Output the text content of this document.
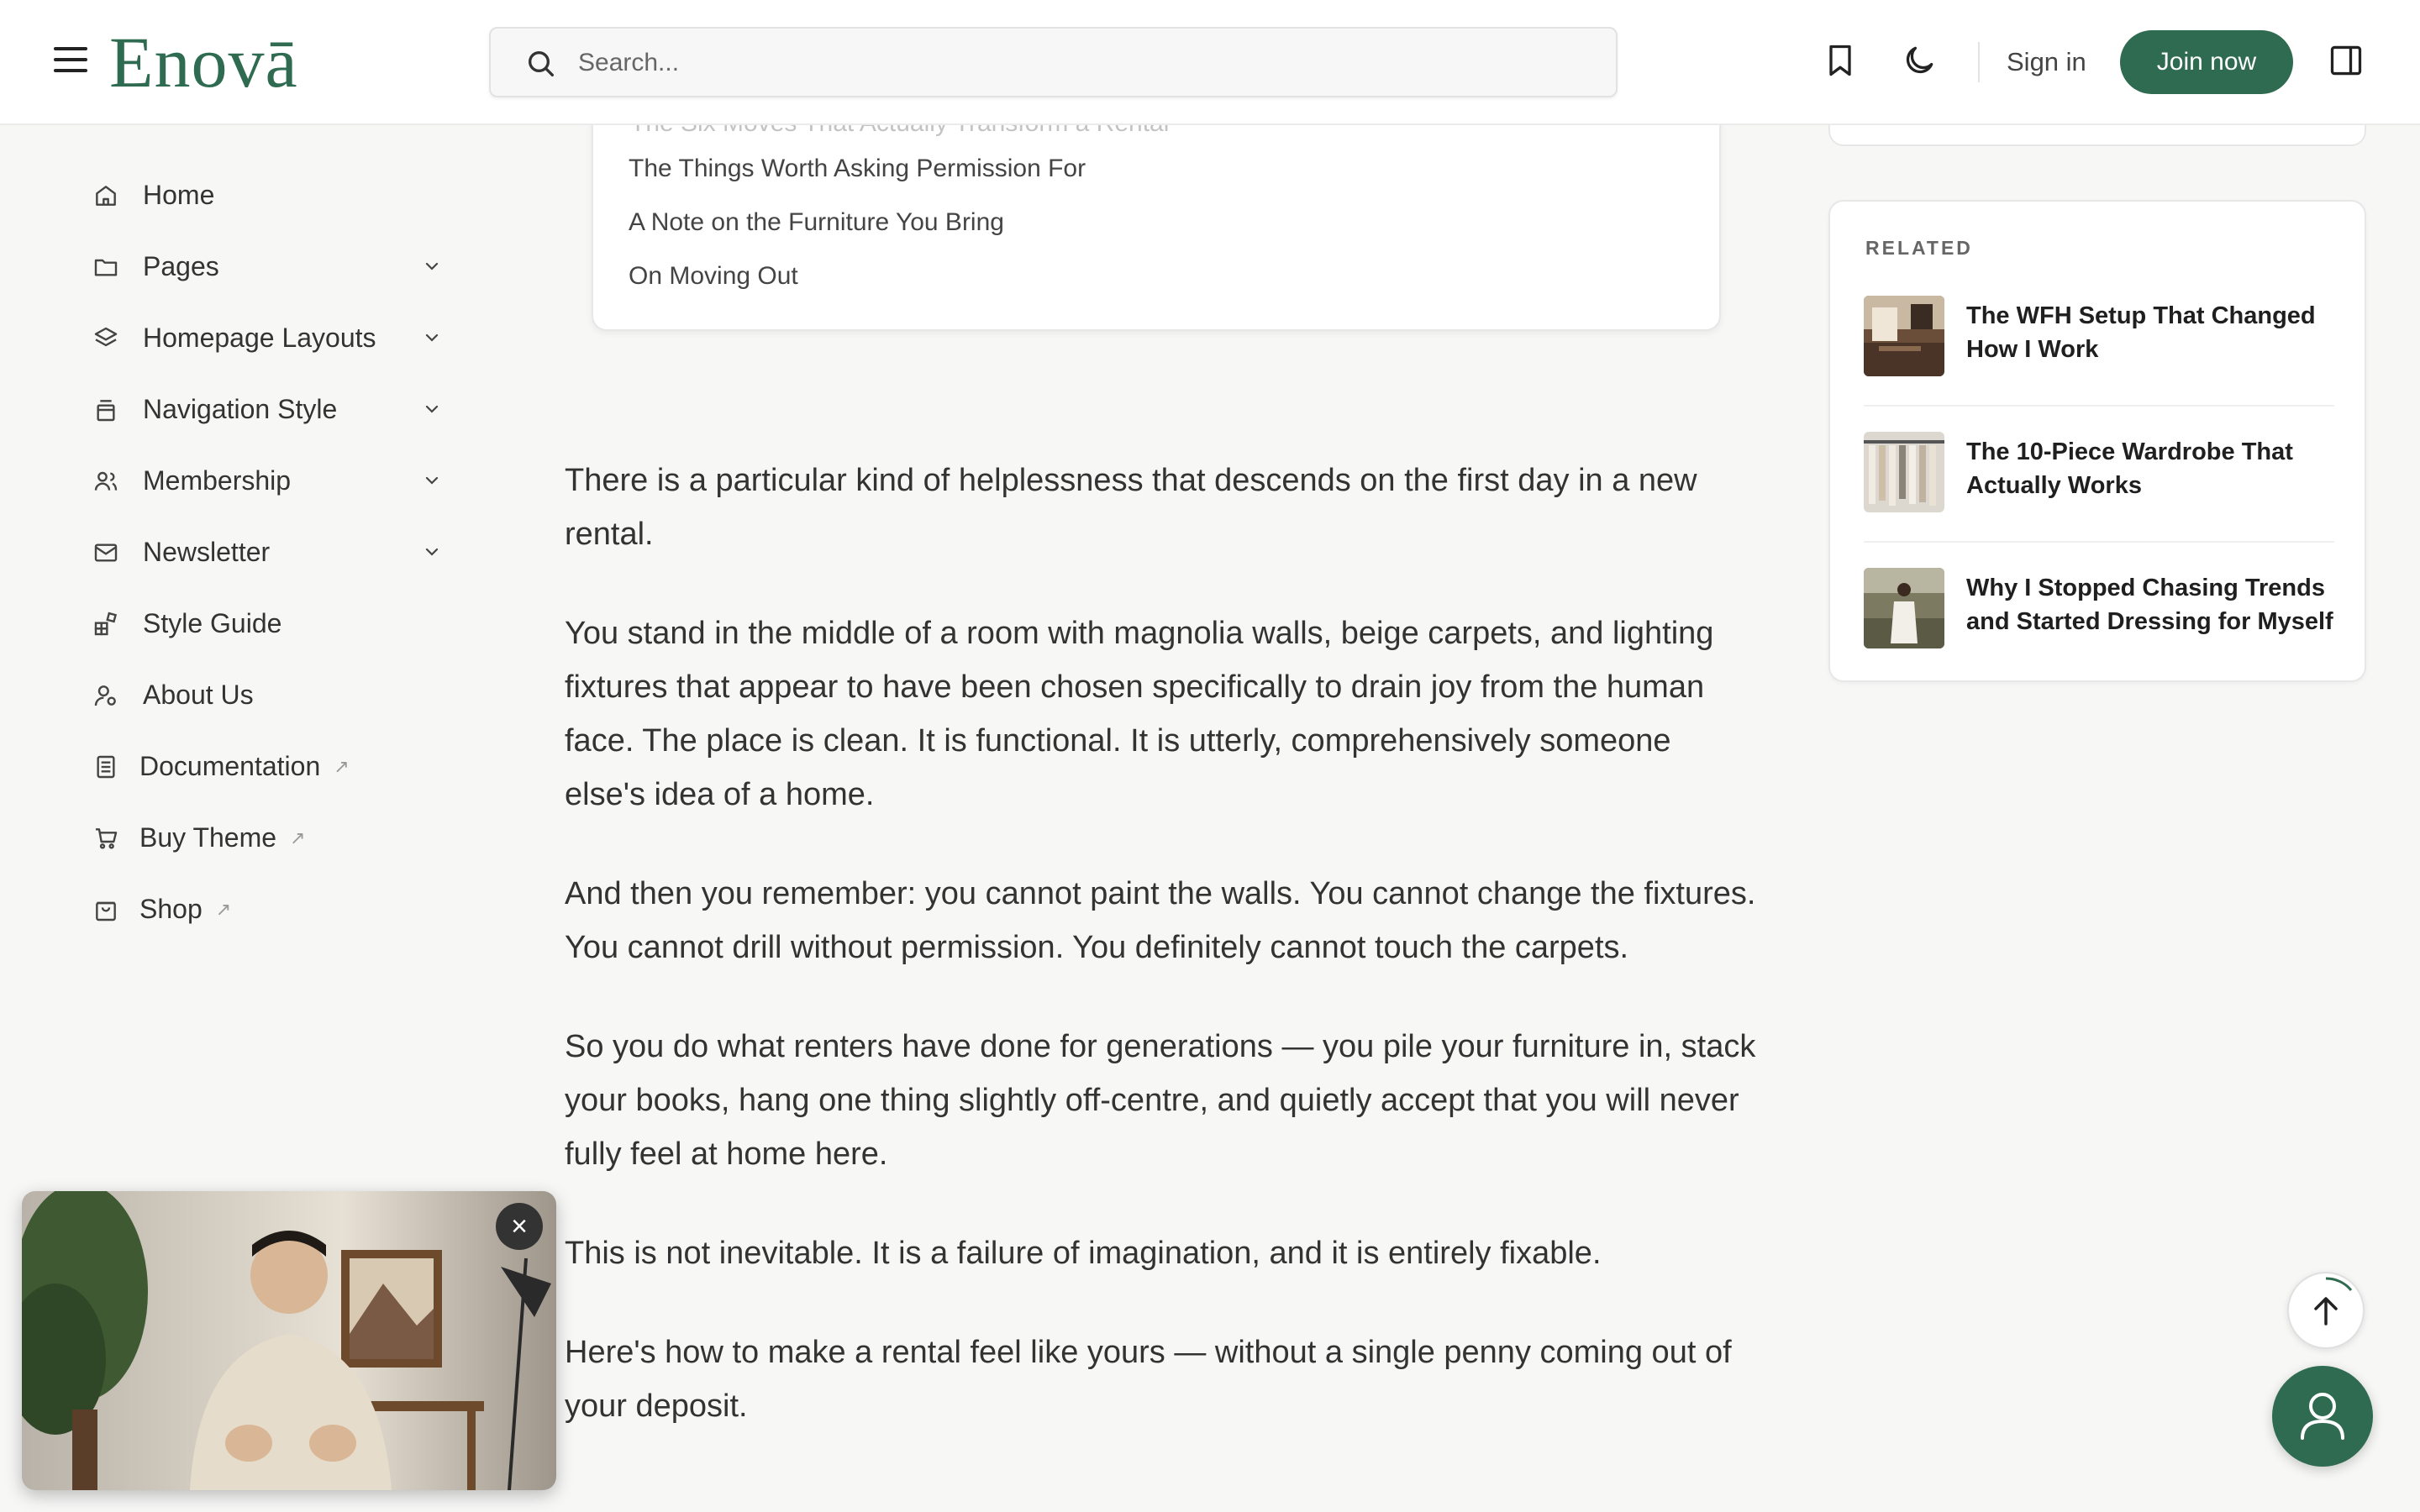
Enovā
Search...	Sign in	Join now
Home
Pages
Homepage Layouts
Navigation Style
Membership
Newsletter
Style Guide
About Us
Documentation ↗
Buy Theme ↗
Shop ↗
The Things Worth Asking Permission For
A Note on the Furniture You Bring
On Moving Out

There is a particular kind of helplessness that descends on the first day in a new rental.

You stand in the middle of a room with magnolia walls, beige carpets, and lighting fixtures that appear to have been chosen specifically to drain joy from the human face. The place is clean. It is functional. It is utterly, comprehensively someone else's idea of a home.

And then you remember: you cannot paint the walls. You cannot change the fixtures. You cannot drill without permission. You definitely cannot touch the carpets.

So you do what renters have done for generations — you pile your furniture in, stack your books, hang one thing slightly off-centre, and quietly accept that you will never fully feel at home here.

This is not inevitable. It is a failure of imagination, and it is entirely fixable.

Here's how to make a rental feel like yours — without a single penny coming out of your deposit.

RELATED
The WFH Setup That Changed How I Work
The 10-Piece Wardrobe That Actually Works
Why I Stopped Chasing Trends and Started Dressing for Myself
×
